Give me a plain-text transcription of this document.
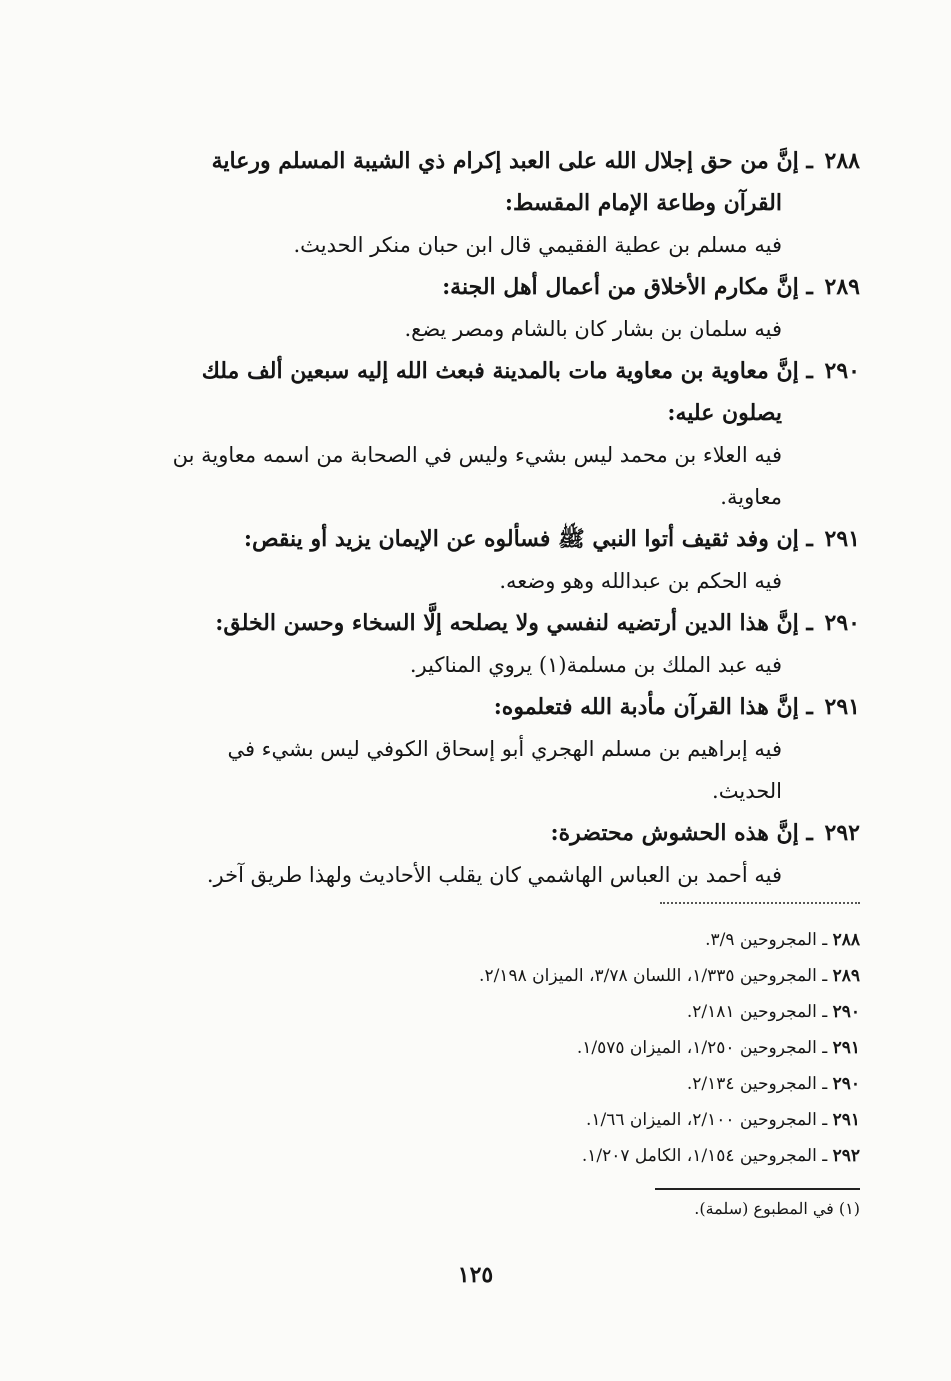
٢٨٨ ـ إنَّ من حق إجلال الله على العبد إكرام ذي الشيبة المسلم ورعاية
القرآن وطاعة الإمام المقسط:

فيه مسلم بن عطية الفقيمي قال ابن حبان منكر الحديث.

٢٨٩ ـ إنَّ مكارم الأخلاق من أعمال أهل الجنة:

فيه سلمان بن بشار كان بالشام ومصر يضع.

٢٩٠ ـ إنَّ معاوية بن معاوية مات بالمدينة فبعث الله إليه سبعين ألف ملك
يصلون عليه:

فيه العلاء بن محمد ليس بشيء وليس في الصحابة من اسمه معاوية بن معاوية.

٢٩١ ـ إن وفد ثقيف أتوا النبي ﷺ فسألوه عن الإيمان يزيد أو ينقص:

فيه الحكم بن عبدالله وهو وضعه.

٢٩٠ ـ إنَّ هذا الدين أرتضيه لنفسي ولا يصلحه إلَّا السخاء وحسن الخلق:

فيه عبد الملك بن مسلمة(١) يروي المناكير.

٢٩١ ـ إنَّ هذا القرآن مأدبة الله فتعلموه:

فيه إبراهيم بن مسلم الهجري أبو إسحاق الكوفي ليس بشيء في الحديث.

٢٩٢ ـ إنَّ هذه الحشوش محتضرة:

فيه أحمد بن العباس الهاشمي كان يقلب الأحاديث ولهذا طريق آخر.

٢٨٨ ـ المجروحين ٣/٩.

٢٨٩ ـ المجروحين ١/٣٣٥، اللسان ٣/٧٨، الميزان ٢/١٩٨.

٢٩٠ ـ المجروحين ٢/١٨١.

٢٩١ ـ المجروحين ١/٢٥٠، الميزان ١/٥٧٥.

٢٩٠ ـ المجروحين ٢/١٣٤.

٢٩١ ـ المجروحين ٢/١٠٠، الميزان ١/٦٦.

٢٩٢ ـ المجروحين ١/١٥٤، الكامل ١/٢٠٧.

(١) في المطبوع (سلمة).

١٢٥
